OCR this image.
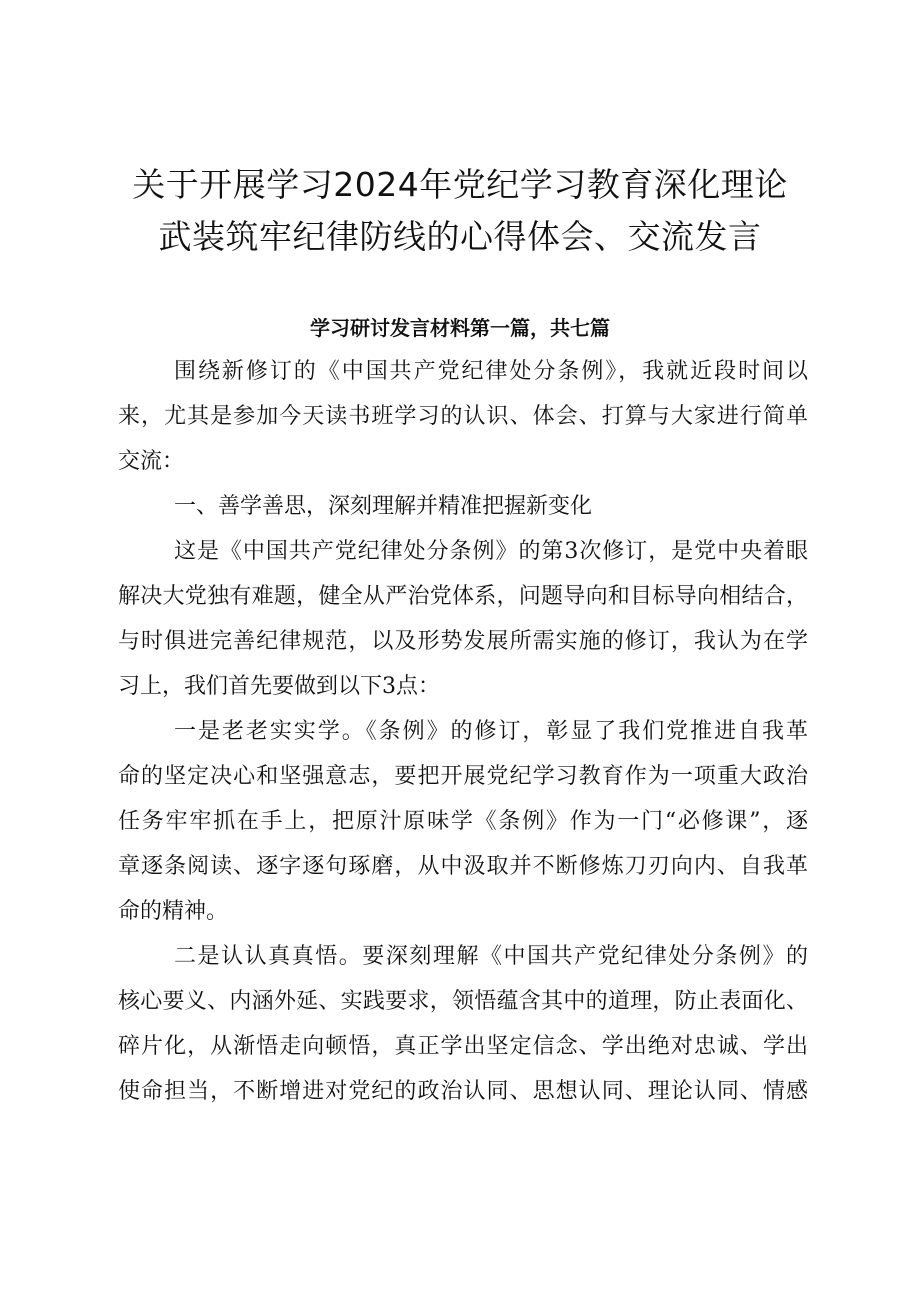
关于开展学习2024年党纪学习教育深化理论
武装筑牢纪律防线的心得体会、交流发言
学习研讨发言材料第一篇，共七篇
围绕新修订的《中国共产党纪律处分条例》，我就近段时间以
来，尤其是参加今天读书班学习的认识、体会、打算与大家进行简单
交流：
一、善学善思，深刻理解并精准把握新变化
这是《中国共产党纪律处分条例》的第3次修订，是党中央着眼
解决大党独有难题，健全从严治党体系，问题导向和目标导向相结合，
与时俱进完善纪律规范，以及形势发展所需实施的修订，我认为在学
习上，我们首先要做到以下3点：
一是老老实实学。《条例》的修订，彰显了我们党推进自我革
命的坚定决心和坚强意志，要把开展党纪学习教育作为一项重大政治
任务牢牢抓在手上，把原汁原味学《条例》作为一门“必修课”，逐
章逐条阅读、逐字逐句琢磨，从中汲取并不断修炼刀刃向内、自我革
命的精神。
二是认认真真悟。要深刻理解《中国共产党纪律处分条例》的
核心要义、内涵外延、实践要求，领悟蕴含其中的道理，防止表面化、
碎片化，从渐悟走向顿悟，真正学出坚定信念、学出绝对忠诚、学出
使命担当，不断增进对党纪的政治认同、思想认同、理论认同、情感
